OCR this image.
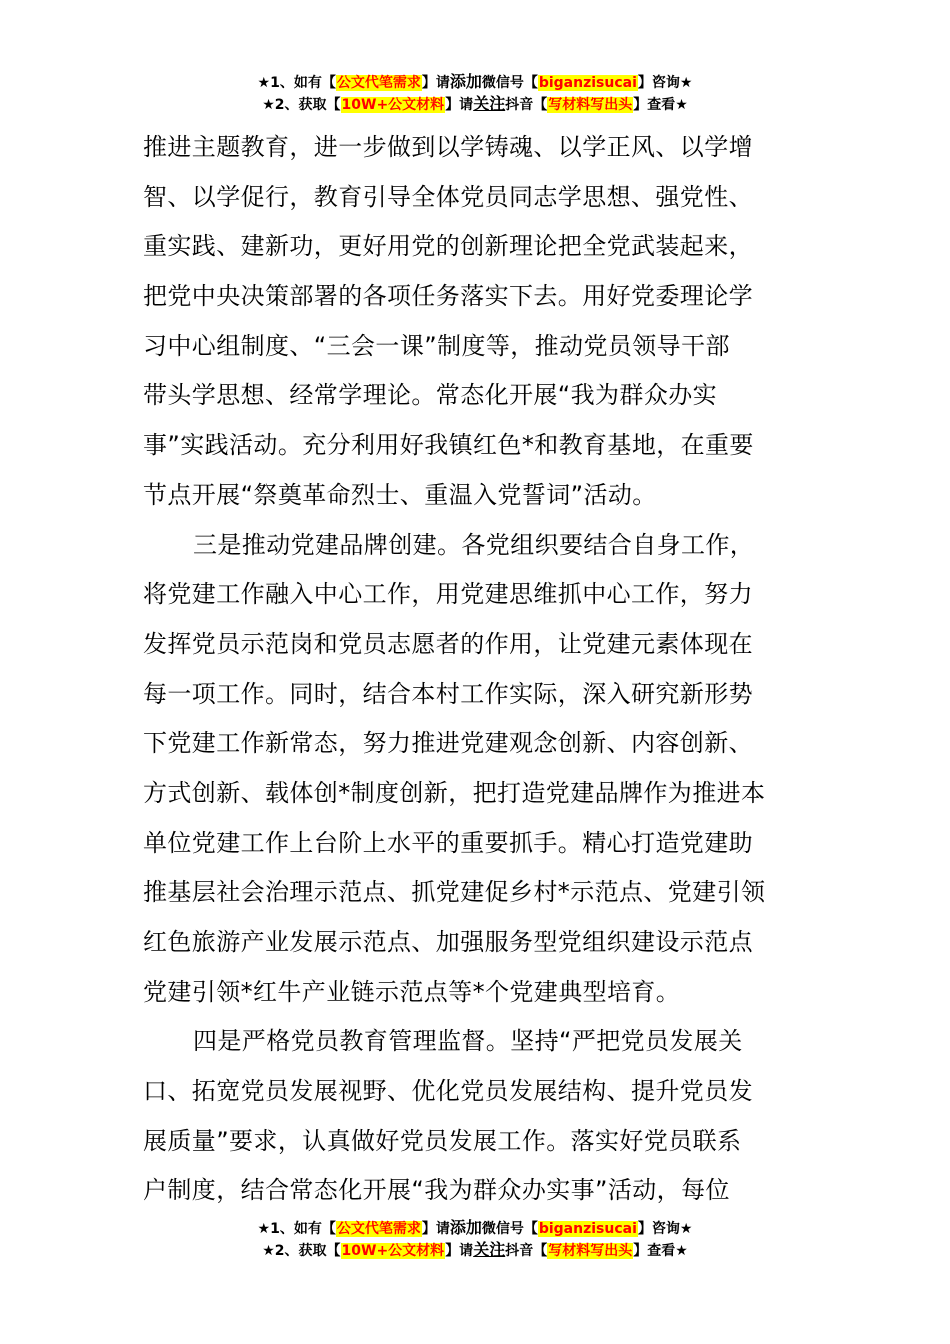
★1、如有【公文代笔需求】请添加微信号【biganzisucai】咨询★
★2、获取【10W+公文材料】请关注抖音【写材料写出头】查看★
推进主题教育，进一步做到以学铸魂、以学正风、以学增
智、以学促行，教育引导全体党员同志学思想、强党性、
重实践、建新功，更好用党的创新理论把全党武装起来，
把党中央决策部署的各项任务落实下去。用好党委理论学
习中心组制度、“三会一课”制度等，推动党员领导干部
带头学思想、经常学理论。常态化开展“我为群众办实
事”实践活动。充分利用好我镇红色*和教育基地，在重要
节点开展“祭奠革命烈士、重温入党誓词”活动。
三是推动党建品牌创建。各党组织要结合自身工作，
将党建工作融入中心工作，用党建思维抓中心工作，努力
发挥党员示范岗和党员志愿者的作用，让党建元素体现在
每一项工作。同时，结合本村工作实际，深入研究新形势
下党建工作新常态，努力推进党建观念创新、内容创新、
方式创新、载体创*制度创新，把打造党建品牌作为推进本
单位党建工作上台阶上水平的重要抓手。精心打造党建助
推基层社会治理示范点、抓党建促乡村*示范点、党建引领
红色旅游产业发展示范点、加强服务型党组织建设示范点
党建引领*红牛产业链示范点等*个党建典型培育。
四是严格党员教育管理监督。坚持“严把党员发展关
口、拓宽党员发展视野、优化党员发展结构、提升党员发
展质量”要求，认真做好党员发展工作。落实好党员联系
户制度，结合常态化开展“我为群众办实事”活动，每位
★1、如有【公文代笔需求】请添加微信号【biganzisucai】咨询★
★2、获取【10W+公文材料】请关注抖音【写材料写出头】查看★
